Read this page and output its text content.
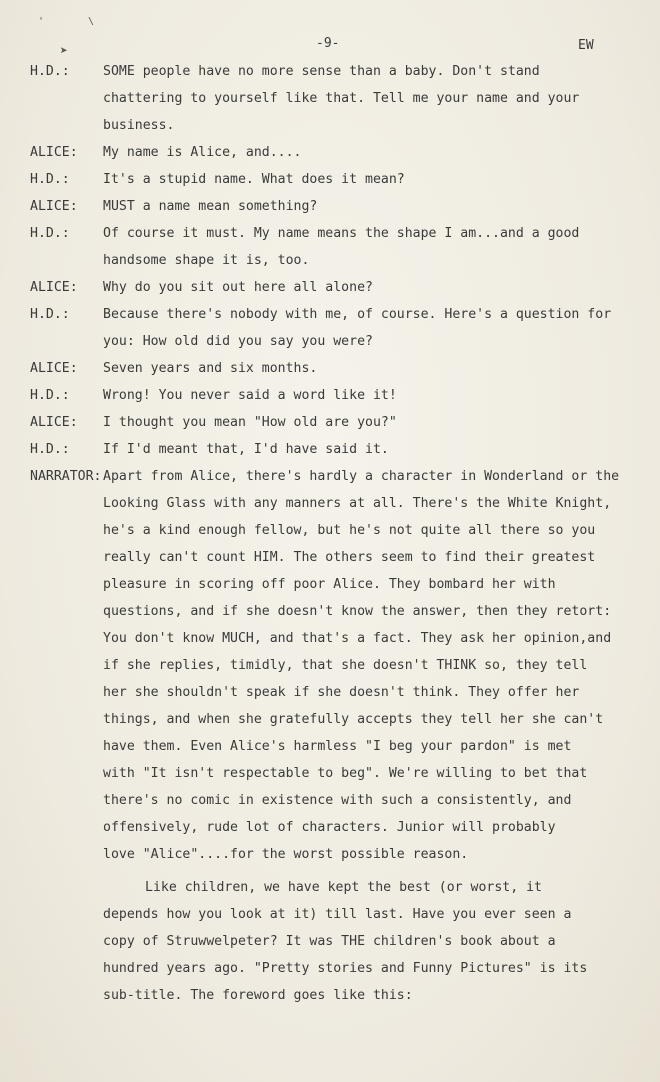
'	\
➤
-9-	EW
H.D.:	SOME people have no more sense than a baby. Don't stand
chattering to yourself like that. Tell me your name and your
business.
ALICE: My name is Alice, and....
H.D.:	It's a stupid name. What does it mean?
ALICE: MUST a name mean something?
H.D.:	Of course it must. My name means the shape I am...and a good
handsome shape it is, too.
ALICE: Why do you sit out here all alone?
H.D.:	Because there's nobody with me, of course. Here's a question for
you: How old did you say you were?
ALICE: Seven years and six months.
H.D.:	Wrong! You never said a word like it!
ALICE: I thought you mean "How old are you?"
H.D.:	If I'd meant that, I'd have said it.
NARRATOR: Apart from Alice, there's hardly a character in Wonderland or the
Looking Glass with any manners at all. There's the White Knight,
he's a kind enough fellow, but he's not quite all there so you
really can't count HIM. The others seem to find their greatest
pleasure in scoring off poor Alice. They bombard her with
questions, and if she doesn't know the answer, then they retort:
You don't know MUCH, and that's a fact. They ask her opinion,and
if she replies, timidly, that she doesn't THINK so, they tell
her she shouldn't speak if she doesn't think. They offer her
things, and when she gratefully accepts they tell her she can't
have them. Even Alice's harmless "I beg your pardon" is met
with "It isn't respectable to beg". We're willing to bet that
there's no comic in existence with such a consistently, and
offensively, rude lot of characters. Junior will probably
love "Alice"....for the worst possible reason.
Like children, we have kept the best (or worst, it
depends how you look at it) till last. Have you ever seen a
copy of Struwwelpeter? It was THE children's book about a
hundred years ago. "Pretty stories and Funny Pictures" is its
sub-title. The foreword goes like this:
